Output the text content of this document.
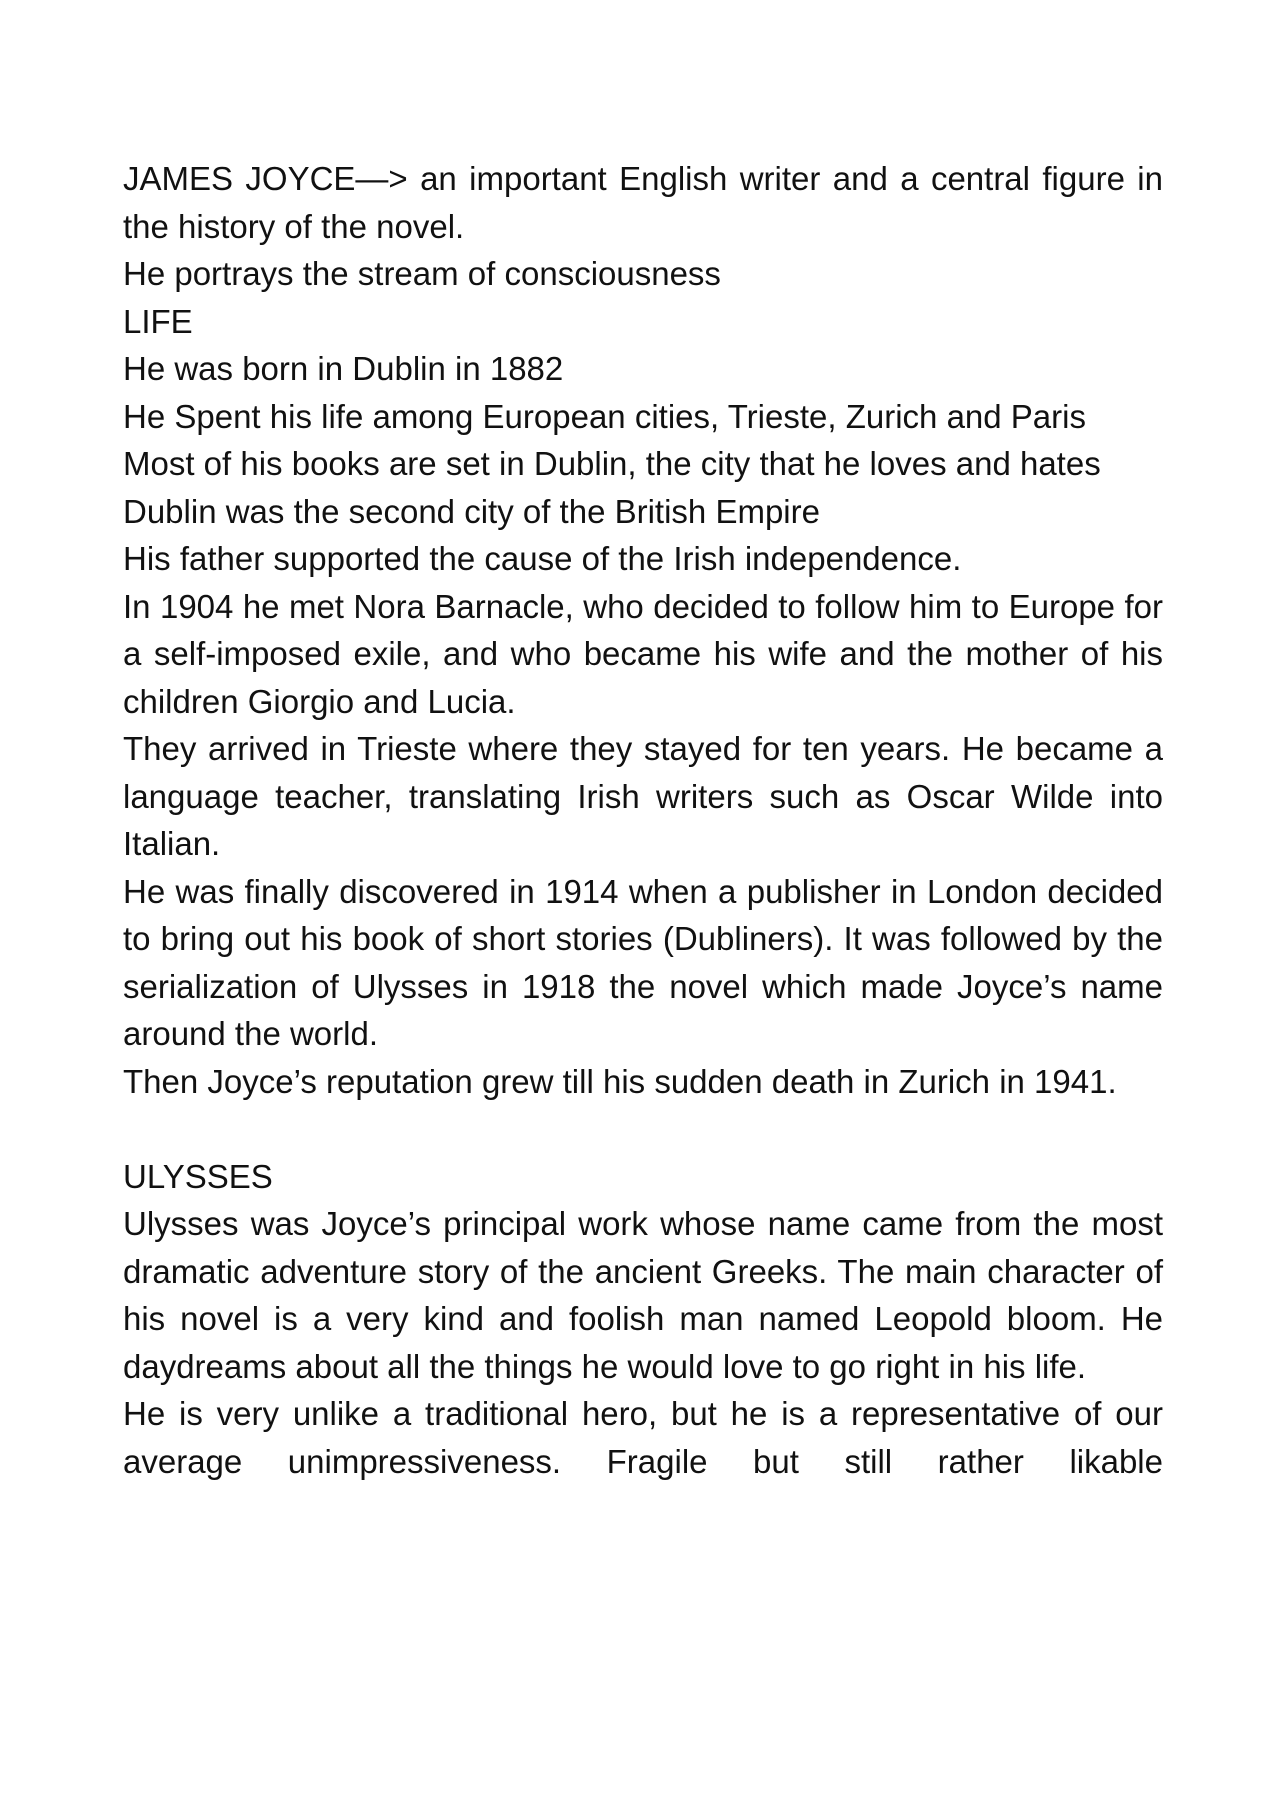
JAMES JOYCE—> an important English writer and a central figure in the history of the novel.

He portrays the stream of consciousness

LIFE

He was born in Dublin in 1882

He Spent his life among European cities, Trieste, Zurich and Paris

Most of his books are set in Dublin, the city that he loves and hates

Dublin was the second city of the British Empire

His father supported the cause of the Irish independence.

In 1904 he met Nora Barnacle, who decided to follow him to Europe for a self-imposed exile, and who became his wife and the mother of his children Giorgio and Lucia.

They arrived in Trieste where they stayed for ten years. He became a language teacher, translating Irish writers such as Oscar Wilde into Italian.

He was finally discovered in 1914 when a publisher in London decided to bring out his book of short stories (Dubliners). It was followed by the serialization of Ulysses in 1918 the novel which made Joyce’s name around the world.

Then Joyce’s reputation grew till his sudden death in Zurich in 1941.

ULYSSES

Ulysses was Joyce’s principal work whose name came from the most dramatic adventure story of the ancient Greeks. The main character of his novel is a very kind and foolish man named Leopold bloom. He daydreams about all the things he would love to go right in his life.

He is very unlike a traditional hero, but he is a representative of our average unimpressiveness. Fragile but still rather likable
